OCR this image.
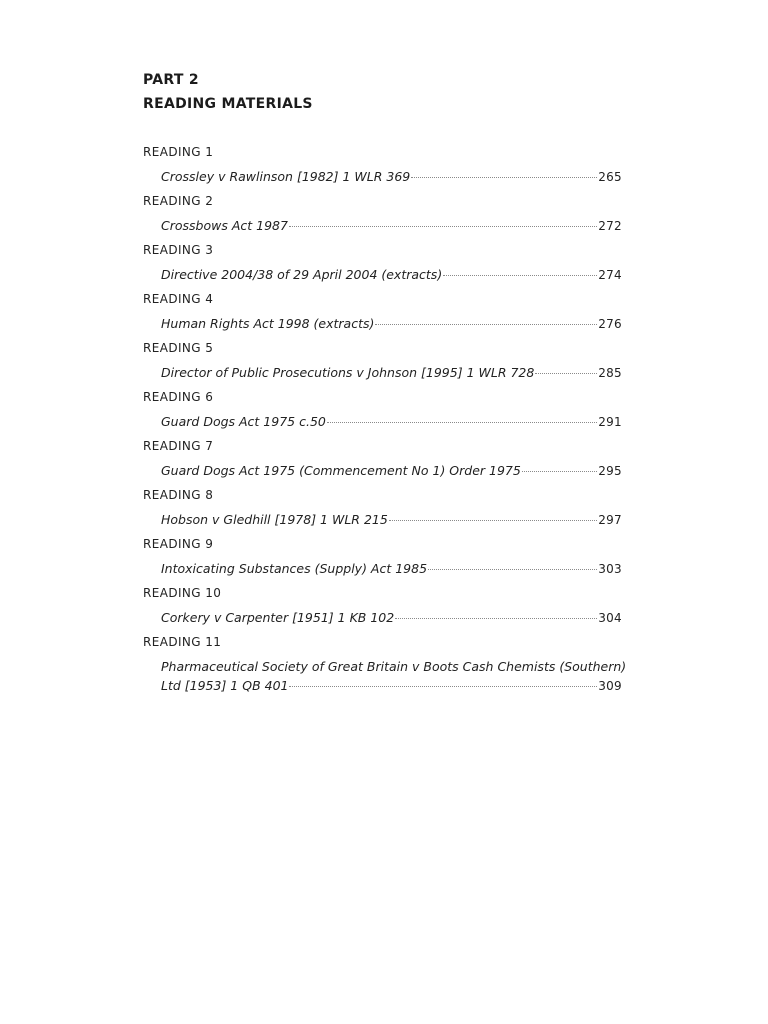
PART 2
READING MATERIALS
READING 1
Crossley v Rawlinson [1982] 1 WLR 369	265
READING 2
Crossbows Act 1987	272
READING 3
Directive 2004/38 of 29 April 2004 (extracts)	274
READING 4
Human Rights Act 1998 (extracts)	276
READING 5
Director of Public Prosecutions v Johnson [1995] 1 WLR 728	285
READING 6
Guard Dogs Act 1975 c.50	291
READING 7
Guard Dogs Act 1975 (Commencement No 1) Order 1975	295
READING 8
Hobson v Gledhill [1978] 1 WLR 215	297
READING 9
Intoxicating Substances (Supply) Act 1985	303
READING 10
Corkery v Carpenter [1951] 1 KB 102	304
READING 11
Pharmaceutical Society of Great Britain v Boots Cash Chemists (Southern)
Ltd [1953] 1 QB 401	309
